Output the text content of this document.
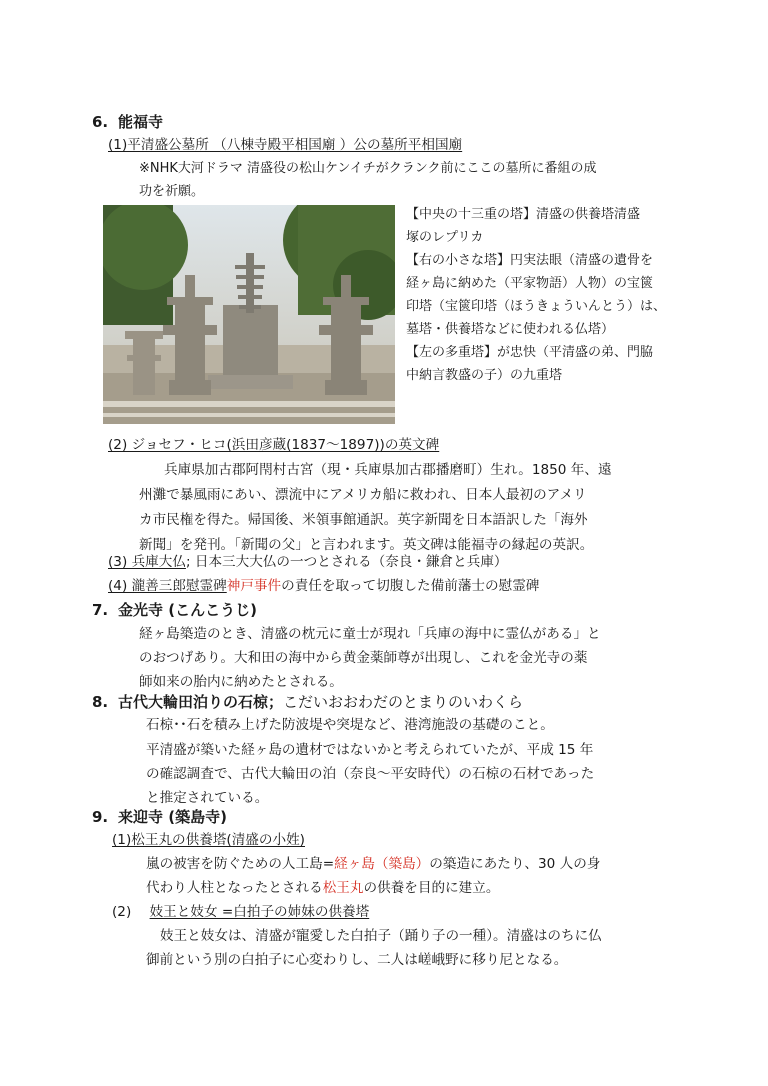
6. 能福寺
(1)平清盛公墓所 （八棟寺殿平相国廟 ）公の墓所平相国廟
※NHK大河ドラマ 清盛役の松山ケンイチがクランク前にここの墓所に番組の成
功を祈願。
【中央の十三重の塔】清盛の供養塔清盛
塚のレプリカ
【右の小さな塔】円実法眼（清盛の遺骨を
経ヶ島に納めた（平家物語）人物）の宝篋
印塔（宝篋印塔（ほうきょういんとう）は、
墓塔・供養塔などに使われる仏塔）
【左の多重塔】が忠快（平清盛の弟、門脇
中納言教盛の子）の九重塔
(2) ジョセフ・ヒコ(浜田彦蔵(1837～1897))の英文碑
兵庫県加古郡阿閇村古宮（現・兵庫県加古郡播磨町）生れ。1850 年、遠
州灘で暴風雨にあい、漂流中にアメリカ船に救われ、日本人最初のアメリ
カ市民権を得た。帰国後、米領事館通訳。英字新聞を日本語訳した「海外
新聞」を発刊。「新聞の父」と言われます。英文碑は能福寺の縁起の英訳。
(3) 兵庫大仏; 日本三大大仏の一つとされる（奈良・鎌倉と兵庫）
(4) 瀧善三郎慰霊碑神戸事件の責任を取って切腹した備前藩士の慰霊碑
7. 金光寺 (こんこうじ)
経ヶ島築造のとき、清盛の枕元に童士が現れ「兵庫の海中に霊仏がある」と
のおつげあり。大和田の海中から黄金薬師尊が出現し、これを金光寺の薬
師如来の胎内に納めたとされる。
8. 古代大輪田泊りの石椋；こだいおおわだのとまりのいわくら
石椋･･石を積み上げた防波堤や突堤など、港湾施設の基礎のこと。
平清盛が築いた経ヶ島の遺材ではないかと考えられていたが、平成 15 年
の確認調査で、古代大輪田の泊（奈良～平安時代）の石椋の石材であった
と推定されている。
9. 来迎寺 (築島寺)
(1)松王丸の供養塔(清盛の小姓)
嵐の被害を防ぐための人工島=経ヶ島（築島）の築造にあたり、30 人の身
代わり人柱となったとされる松王丸の供養を目的に建立。
(2) 妓王と妓女 =白拍子の姉妹の供養塔
妓王と妓女は、清盛が寵愛した白拍子（踊り子の一種）。清盛はのちに仏
御前という別の白拍子に心変わりし、二人は嵯峨野に移り尼となる。
